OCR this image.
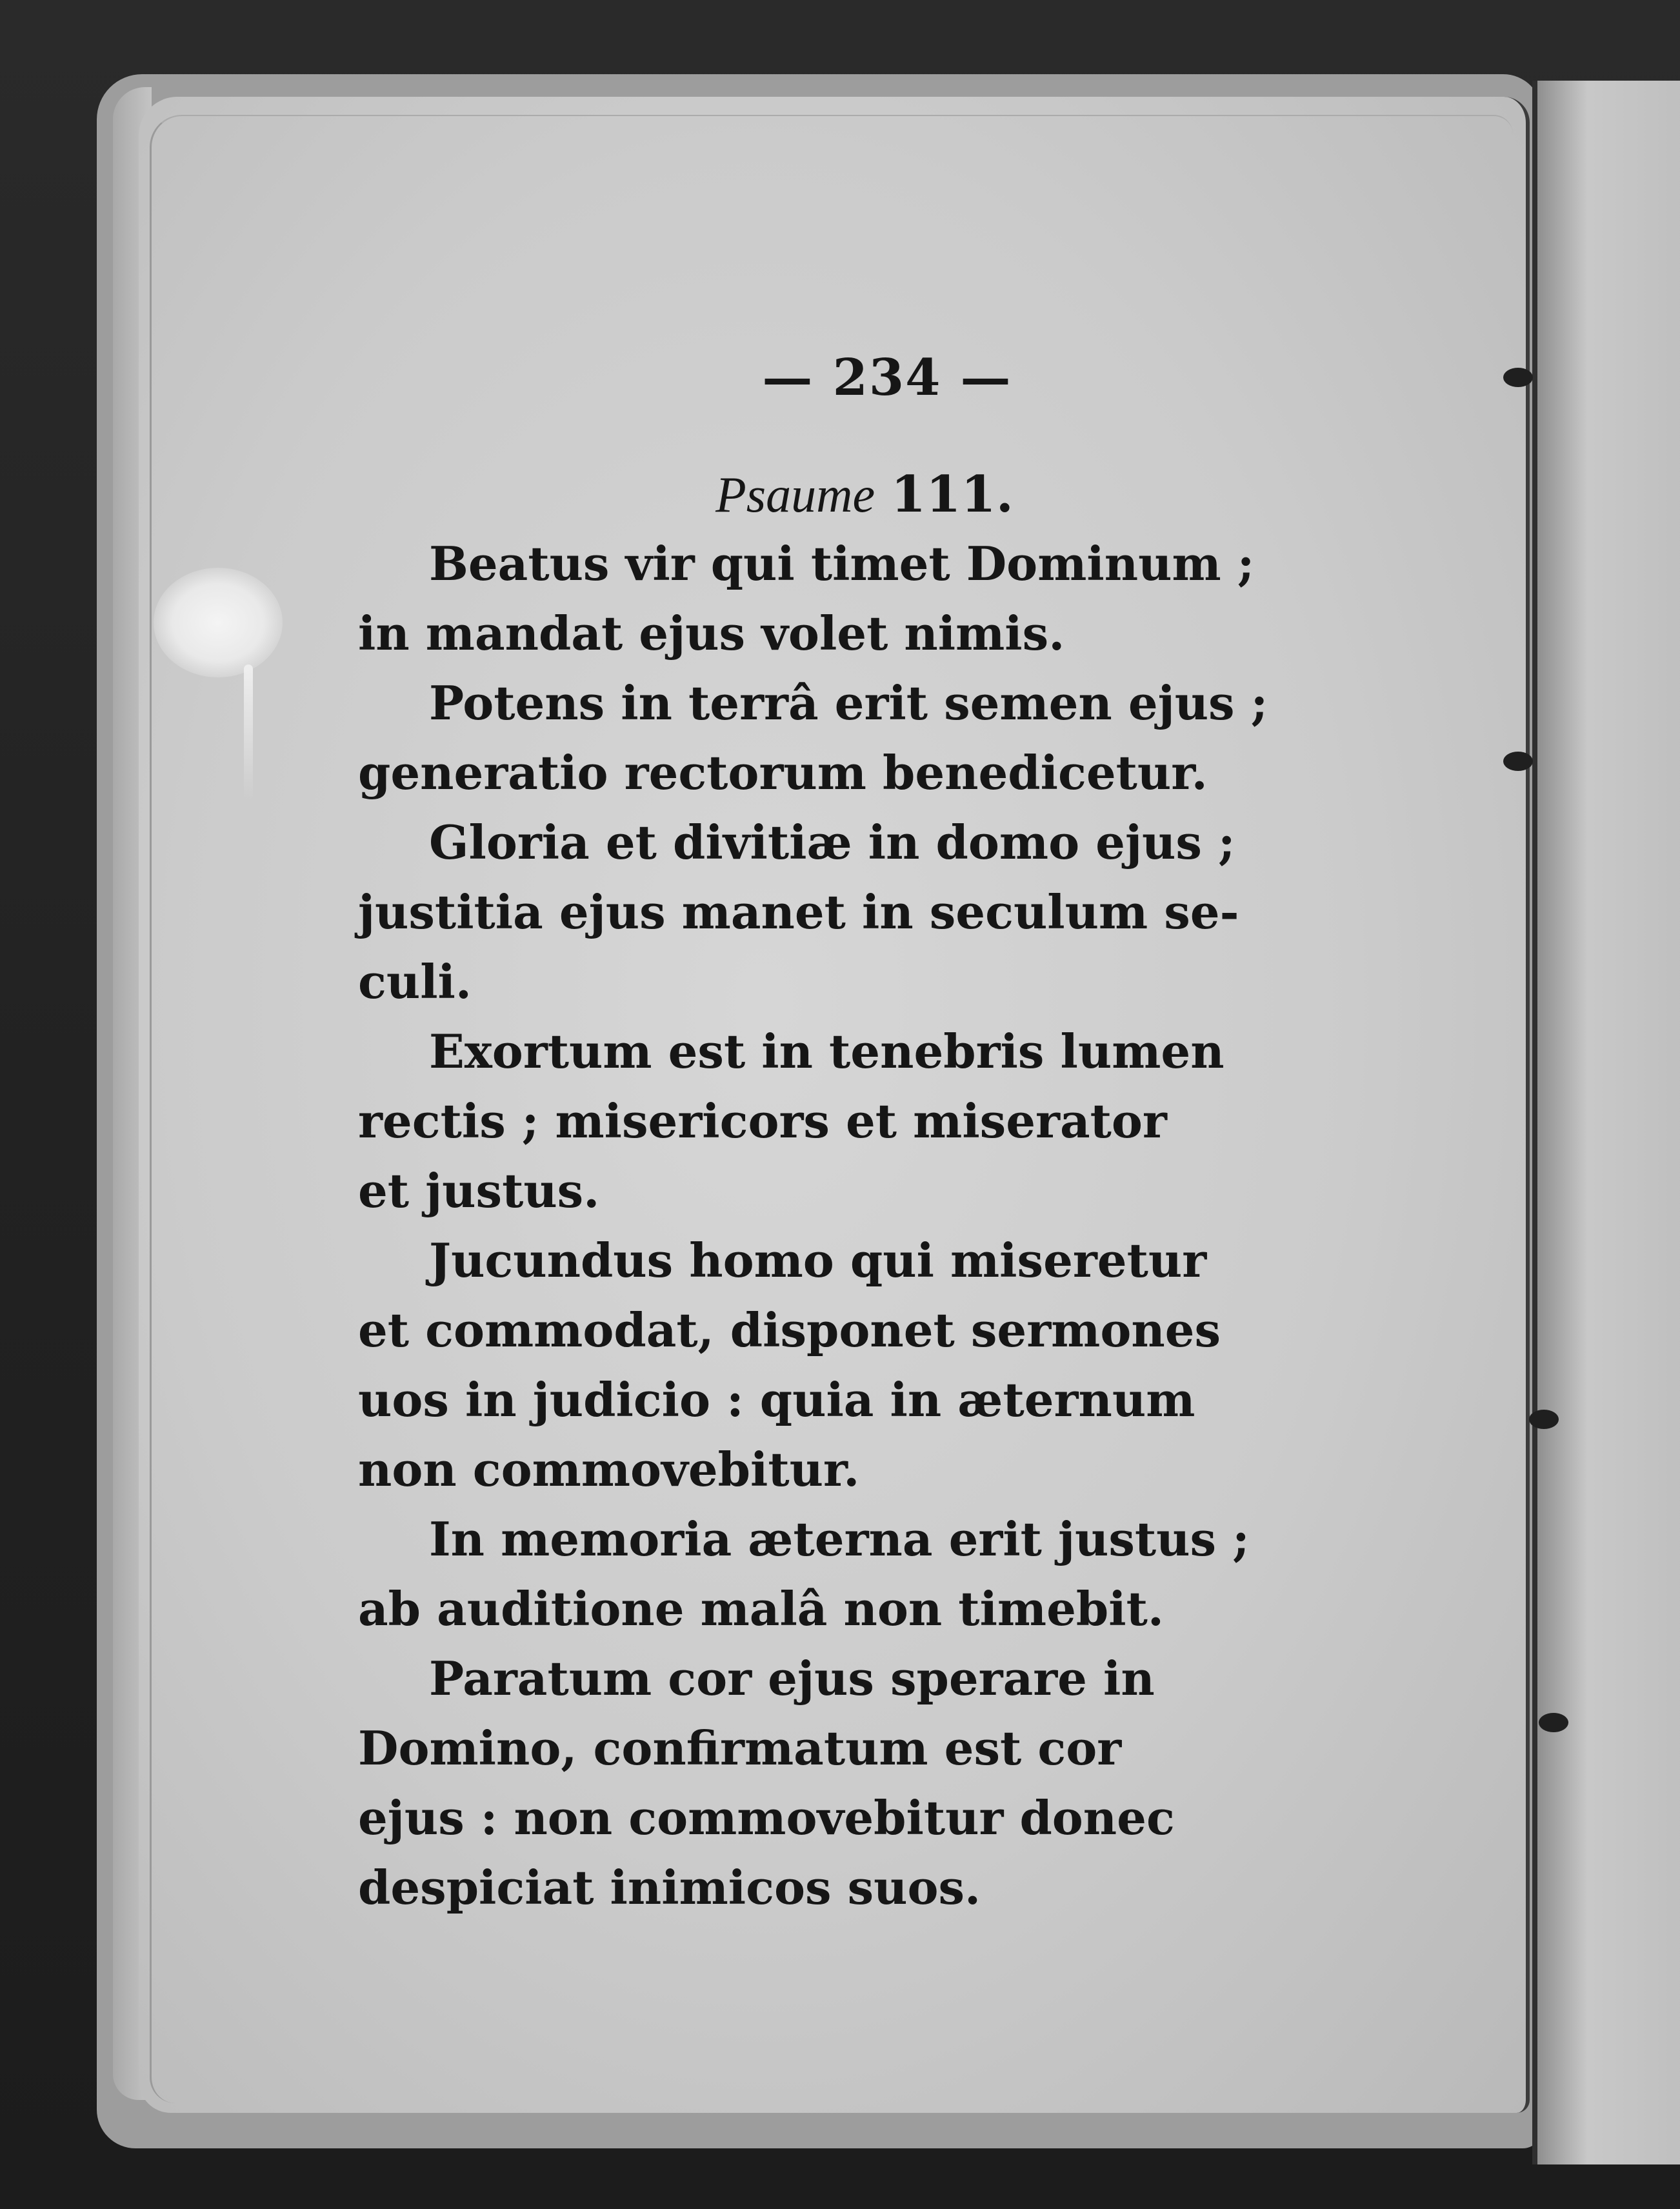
— 234 —
Psaume 111.

Beatus vir qui timet Dominum ;
in mandat ejus volet nimis.

Potens in terrâ erit semen ejus ;
generatio rectorum benedicetur.

Gloria et divitiæ in domo ejus ;
justitia ejus manet in seculum se-
culi.

Exortum est in tenebris lumen
rectis ; misericors et miserator
et justus.

Jucundus homo qui miseretur
et commodat, disponet sermones
uos in judicio : quia in æternum
non commovebitur.

In memoria æterna erit justus ;
ab auditione malâ non timebit.

Paratum cor ejus sperare in
Domino, confirmatum est cor
ejus : non commovebitur donec
despiciat inimicos suos.
